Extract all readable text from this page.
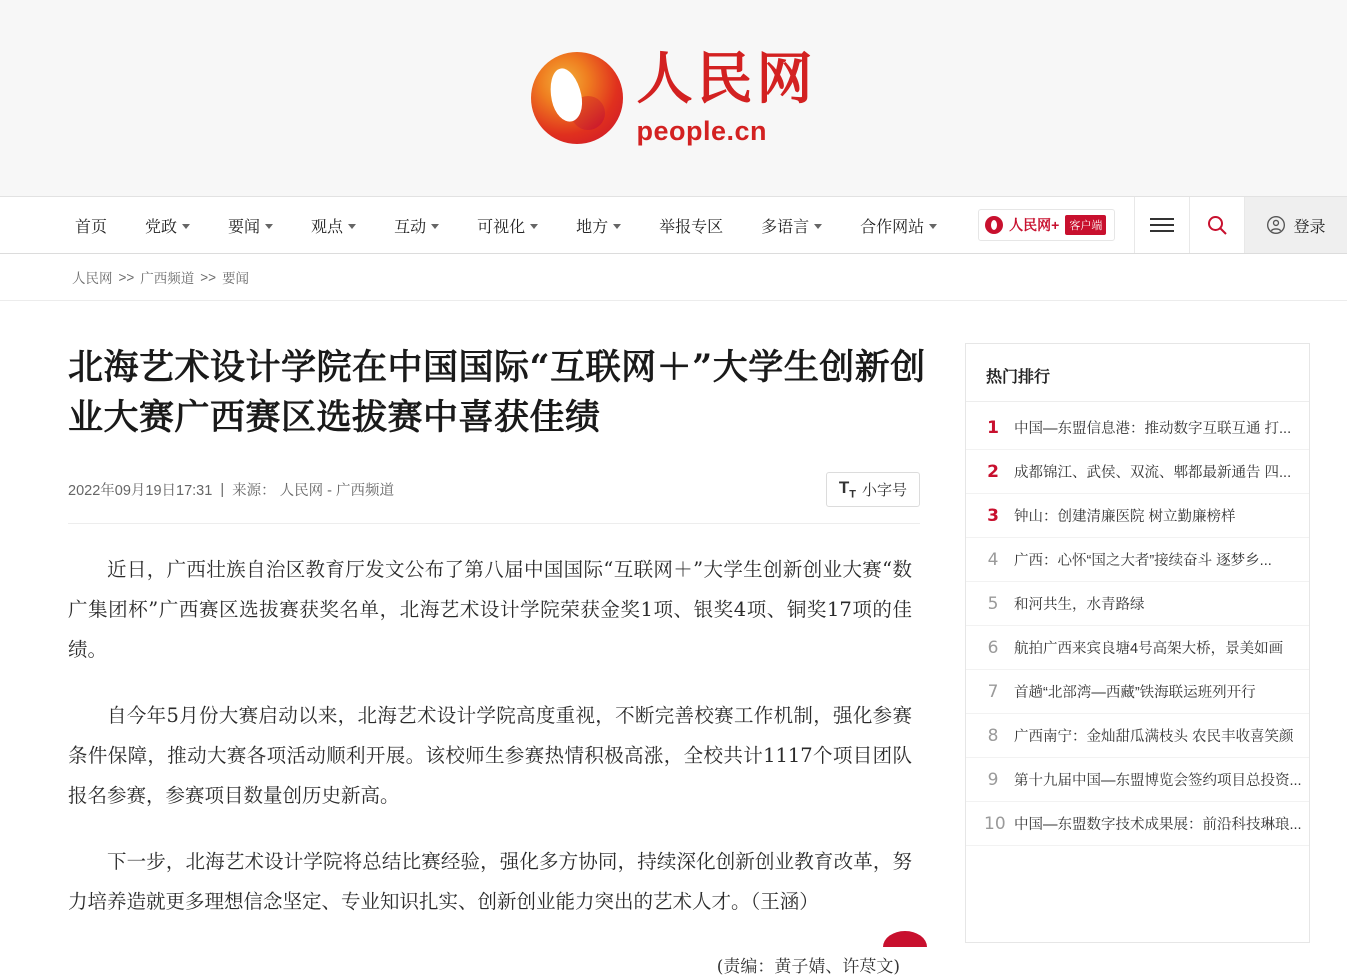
人民网
people.cn
首页 党政	要闻	观点	互动	可视化	地方	举报专区 多语言	合作网站	人民网+ 客户端	登录
人民网 >> 广西频道 >> 要闻
北海艺术设计学院在中国国际“互联网＋”大学生创新创业大赛广西赛区选拔赛中喜获佳绩
2022年09月19日17:31 | 来源： 人民网 - 广西频道	$T_T$ 小字号

近日，广西壮族自治区教育厅发文公布了第八届中国国际“互联网＋”大学生创新创业大赛“数广集团杯”广西赛区选拔赛获奖名单，北海艺术设计学院荣获金奖1项、银奖4项、铜奖17项的佳绩。

自今年5月份大赛启动以来，北海艺术设计学院高度重视，不断完善校赛工作机制，强化参赛条件保障，推动大赛各项活动顺利开展。该校师生参赛热情积极高涨，全校共计1117个项目团队报名参赛，参赛项目数量创历史新高。

下一步，北海艺术设计学院将总结比赛经验，强化多方协同，持续深化创新创业教育改革，努力培养造就更多理想信念坚定、专业知识扎实、创新创业能力突出的艺术人才。（王涵）

(责编：黄子婧、许荩文)
热门排行
1 中国—东盟信息港：推动数字互联互通 打...
2 成都锦江、武侯、双流、郫都最新通告 四...
3 钟山：创建清廉医院 树立勤廉榜样
4 广西：心怀“国之大者”接续奋斗 逐梦乡...
5 和河共生，水青路绿
6 航拍广西来宾良塘4号高架大桥，景美如画
7 首趟“北部湾—西藏”铁海联运班列开行
8 广西南宁：金灿甜瓜满枝头 农民丰收喜笑颜
9 第十九届中国—东盟博览会签约项目总投资...
10 中国—东盟数字技术成果展：前沿科技琳琅...
